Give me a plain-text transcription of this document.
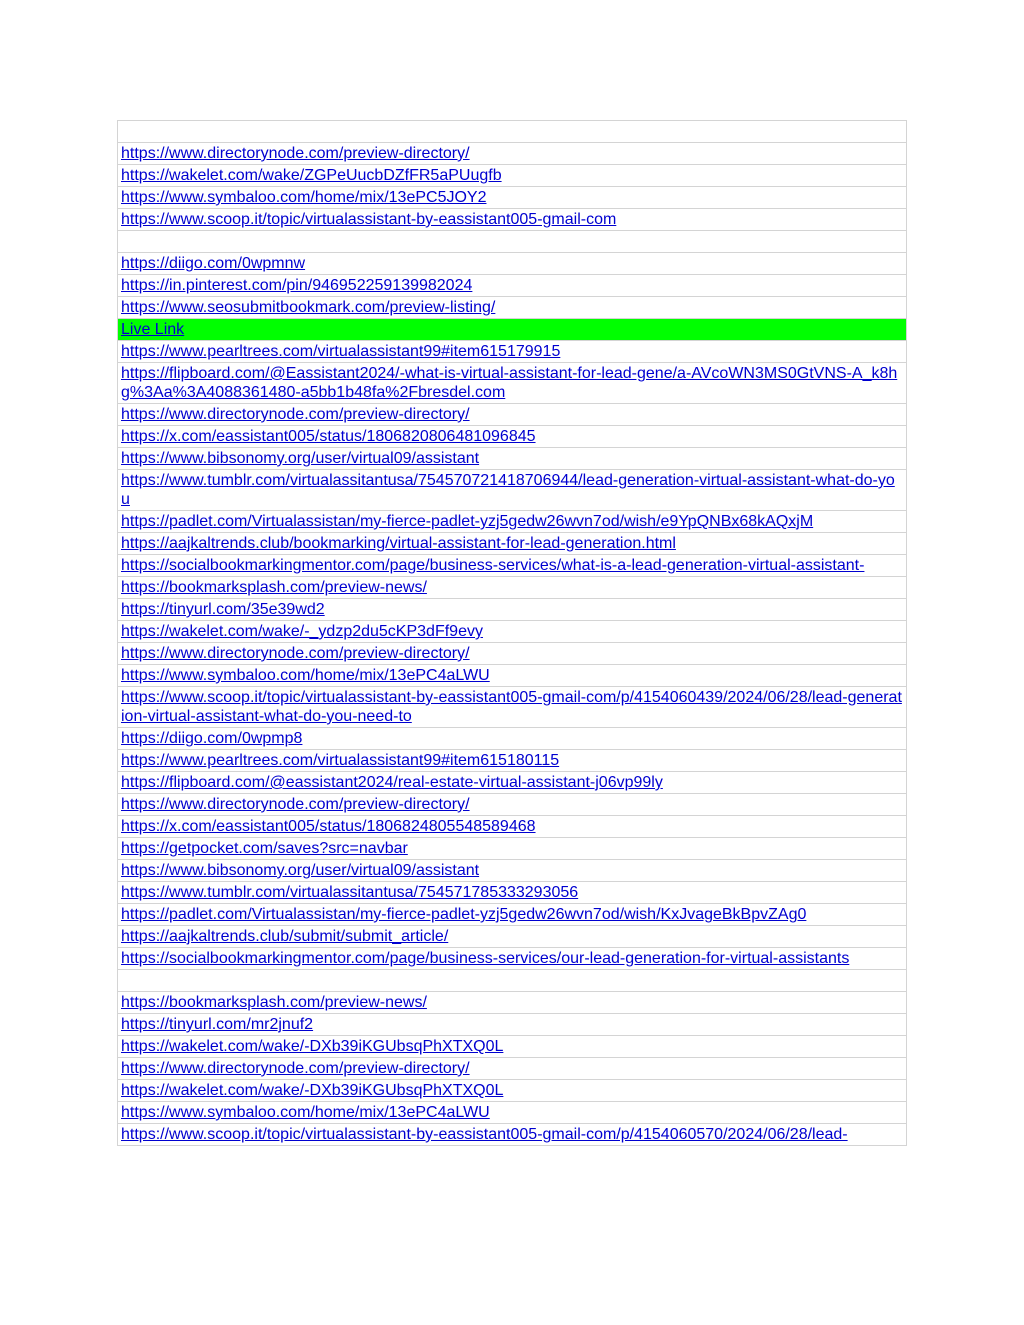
https://www.directorynode.com/preview-directory/
https://wakelet.com/wake/ZGPeUucbDZfFR5aPUugfb
https://www.symbaloo.com/home/mix/13ePC5JOY2
https://www.scoop.it/topic/virtualassistant-by-eassistant005-gmail-com

https://diigo.com/0wpmnw
https://in.pinterest.com/pin/946952259139982024
https://www.seosubmitbookmark.com/preview-listing/
Live Link
https://www.pearltrees.com/virtualassistant99#item615179915
https://flipboard.com/@Eassistant2024/-what-is-virtual-assistant-for-lead-gene/a-AVcoWN3MS0GtVNS-A_k8hg%3Aa%3A4088361480-a5bb1b48fa%2Fbresdel.com
https://www.directorynode.com/preview-directory/
https://x.com/eassistant005/status/1806820806481096845
https://www.bibsonomy.org/user/virtual09/assistant
https://www.tumblr.com/virtualassitantusa/754570721418706944/lead-generation-virtual-assistant-what-do-you
https://padlet.com/Virtualassistan/my-fierce-padlet-yzj5gedw26wvn7od/wish/e9YpQNBx68kAQxjM
https://aajkaltrends.club/bookmarking/virtual-assistant-for-lead-generation.html
https://socialbookmarkingmentor.com/page/business-services/what-is-a-lead-generation-virtual-assistant-
https://bookmarksplash.com/preview-news/
https://tinyurl.com/35e39wd2
https://wakelet.com/wake/-_ydzp2du5cKP3dFf9evy
https://www.directorynode.com/preview-directory/
https://www.symbaloo.com/home/mix/13ePC4aLWU
https://www.scoop.it/topic/virtualassistant-by-eassistant005-gmail-com/p/4154060439/2024/06/28/lead-generation-virtual-assistant-what-do-you-need-to
https://diigo.com/0wpmp8
https://www.pearltrees.com/virtualassistant99#item615180115
https://flipboard.com/@eassistant2024/real-estate-virtual-assistant-j06vp99ly
https://www.directorynode.com/preview-directory/
https://x.com/eassistant005/status/1806824805548589468
https://getpocket.com/saves?src=navbar
https://www.bibsonomy.org/user/virtual09/assistant
https://www.tumblr.com/virtualassitantusa/754571785333293056
https://padlet.com/Virtualassistan/my-fierce-padlet-yzj5gedw26wvn7od/wish/KxJvageBkBpvZAg0
https://aajkaltrends.club/submit/submit_article/
https://socialbookmarkingmentor.com/page/business-services/our-lead-generation-for-virtual-assistants

https://bookmarksplash.com/preview-news/
https://tinyurl.com/mr2jnuf2
https://wakelet.com/wake/-DXb39iKGUbsqPhXTXQ0L
https://www.directorynode.com/preview-directory/
https://wakelet.com/wake/-DXb39iKGUbsqPhXTXQ0L
https://www.symbaloo.com/home/mix/13ePC4aLWU
https://www.scoop.it/topic/virtualassistant-by-eassistant005-gmail-com/p/4154060570/2024/06/28/lead-
